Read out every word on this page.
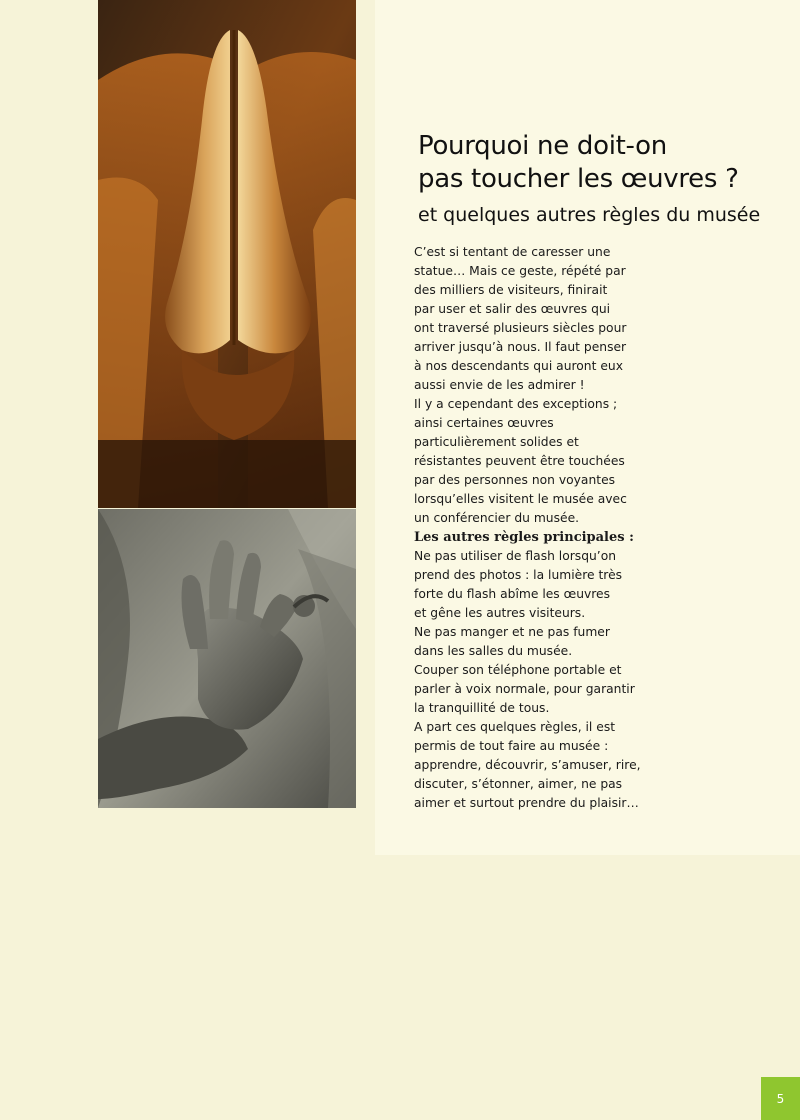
Pourquoi ne doit-on
pas toucher les œuvres ?
et quelques autres règles du musée
C’est si tentant de caresser une
statue… Mais ce geste, répété par
des milliers de visiteurs, finirait
par user et salir des œuvres qui
ont traversé plusieurs siècles pour
arriver jusqu’à nous. Il faut penser
à nos descendants qui auront eux
aussi envie de les admirer !
Il y a cependant des exceptions ;
ainsi certaines œuvres
particulièrement solides et
résistantes peuvent être touchées
par des personnes non voyantes
lorsqu’elles visitent le musée avec
un conférencier du musée.
Les autres règles principales :
Ne pas utiliser de flash lorsqu’on
prend des photos : la lumière très
forte du flash abîme les œuvres
et gêne les autres visiteurs.
Ne pas manger et ne pas fumer
dans les salles du musée.
Couper son téléphone portable et
parler à voix normale, pour garantir
la tranquillité de tous.
A part ces quelques règles, il est
permis de tout faire au musée :
apprendre, découvrir, s’amuser, rire,
discuter, s’étonner, aimer, ne pas
aimer et surtout prendre du plaisir…
5
